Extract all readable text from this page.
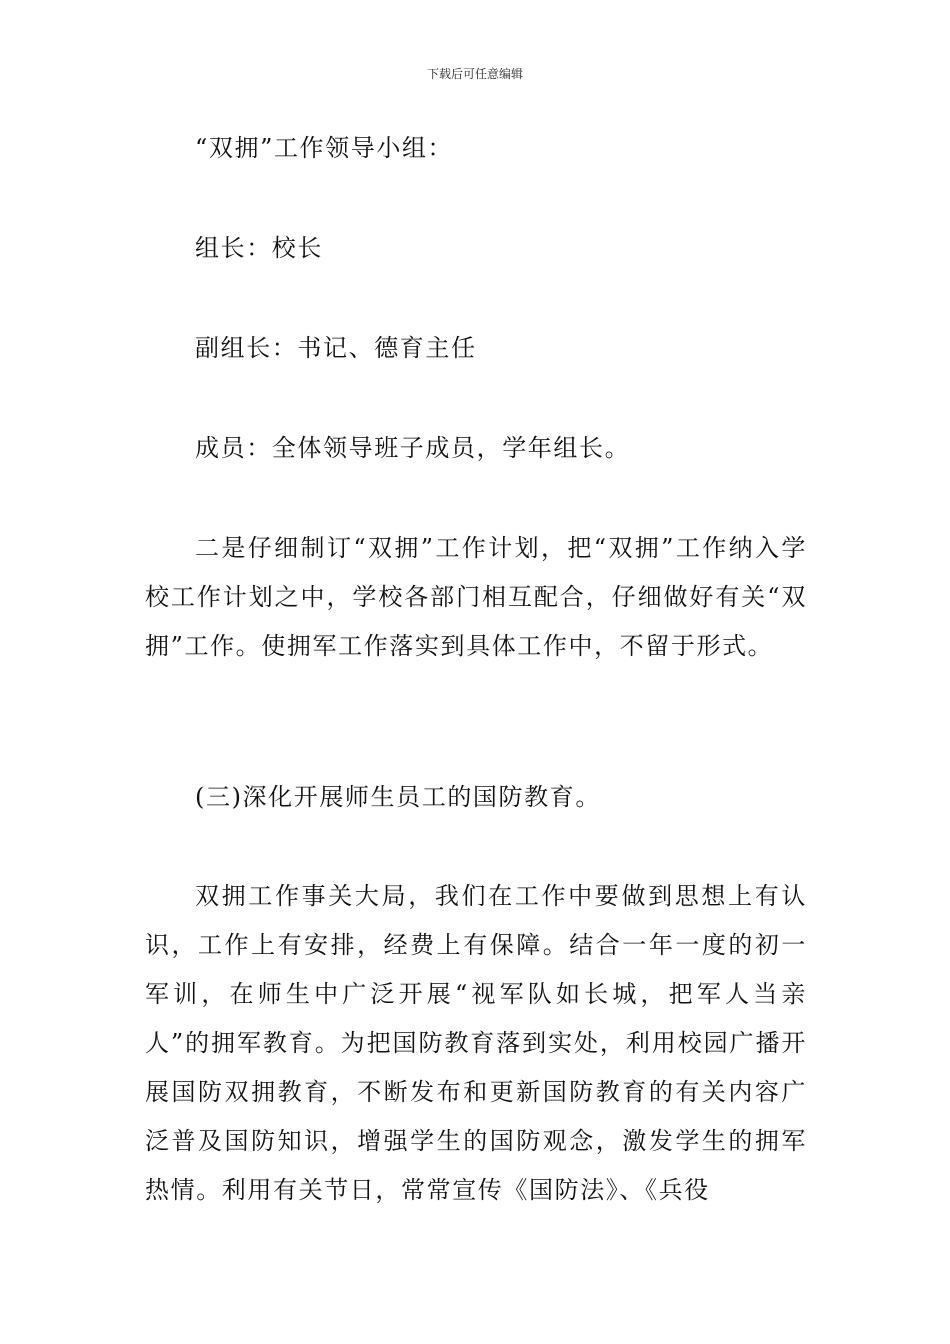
下载后可任意编辑

“双拥”工作领导小组：

组长：校长

副组长：书记、德育主任

成员：全体领导班子成员，学年组长。

二是仔细制订“双拥”工作计划，把“双拥”工作纳入学校工作计划之中，学校各部门相互配合，仔细做好有关“双拥”工作。使拥军工作落实到具体工作中，不留于形式。

(三)深化开展师生员工的国防教育。

双拥工作事关大局，我们在工作中要做到思想上有认识，工作上有安排，经费上有保障。结合一年一度的初一军训，在师生中广泛开展“视军队如长城，把军人当亲人”的拥军教育。为把国防教育落到实处，利用校园广播开展国防双拥教育，不断发布和更新国防教育的有关内容广泛普及国防知识，增强学生的国防观念，激发学生的拥军热情。利用有关节日，常常宣传《国防法》、《兵役
